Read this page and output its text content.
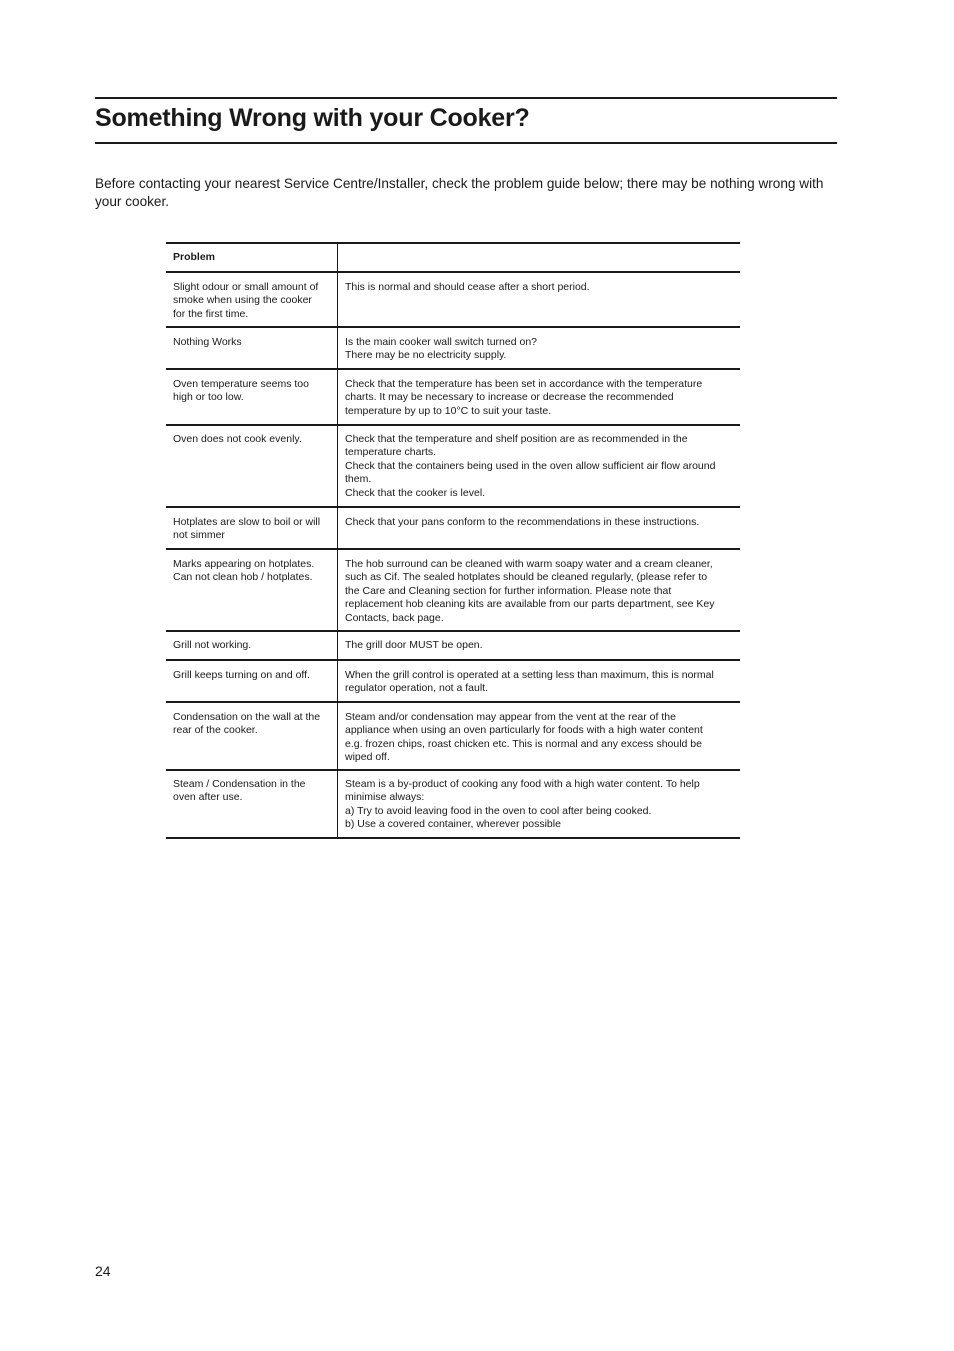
Something Wrong with your Cooker?

Before contacting your nearest Service Centre/Installer, check the problem guide below; there may be nothing wrong with your cooker.

Problem	

Slight odour or small amount of
smoke when using the cooker
for the first time.	This is normal and should cease after a short period.

Nothing Works	Is the main cooker wall switch turned on?
There may be no electricity supply.

Oven temperature seems too
high or too low.	Check that the temperature has been set in accordance with the temperature
charts. It may be necessary to increase or decrease the recommended
temperature by up to 10°C to suit your taste.

Oven does not cook evenly.	Check that the temperature and shelf position are as recommended in the
temperature charts.
Check that the containers being used in the oven allow sufficient air flow around
them.
Check that the cooker is level.

Hotplates are slow to boil or will
not simmer	Check that your pans conform to the recommendations in these instructions.

Marks appearing on hotplates.
Can not clean hob / hotplates.	The hob surround can be cleaned with warm soapy water and a cream cleaner,
such as Cif. The sealed hotplates should be cleaned regularly, (please refer to
the Care and Cleaning section for further information. Please note that
replacement hob cleaning kits are available from our parts department, see Key
Contacts, back page.

Grill not working.	The grill door MUST be open.

Grill keeps turning on and off.	When the grill control is operated at a setting less than maximum, this is normal
regulator operation, not a fault.

Condensation on the wall at the
rear of the cooker.	Steam and/or condensation may appear from the vent at the rear of the
appliance when using an oven particularly for foods with a high water content
e.g. frozen chips, roast chicken etc. This is normal and any excess should be
wiped off.

Steam / Condensation in the
oven after use.	Steam is a by-product of cooking any food with a high water content. To help
minimise always:
a) Try to avoid leaving food in the oven to cool after being cooked.
b) Use a covered container, wherever possible

24
